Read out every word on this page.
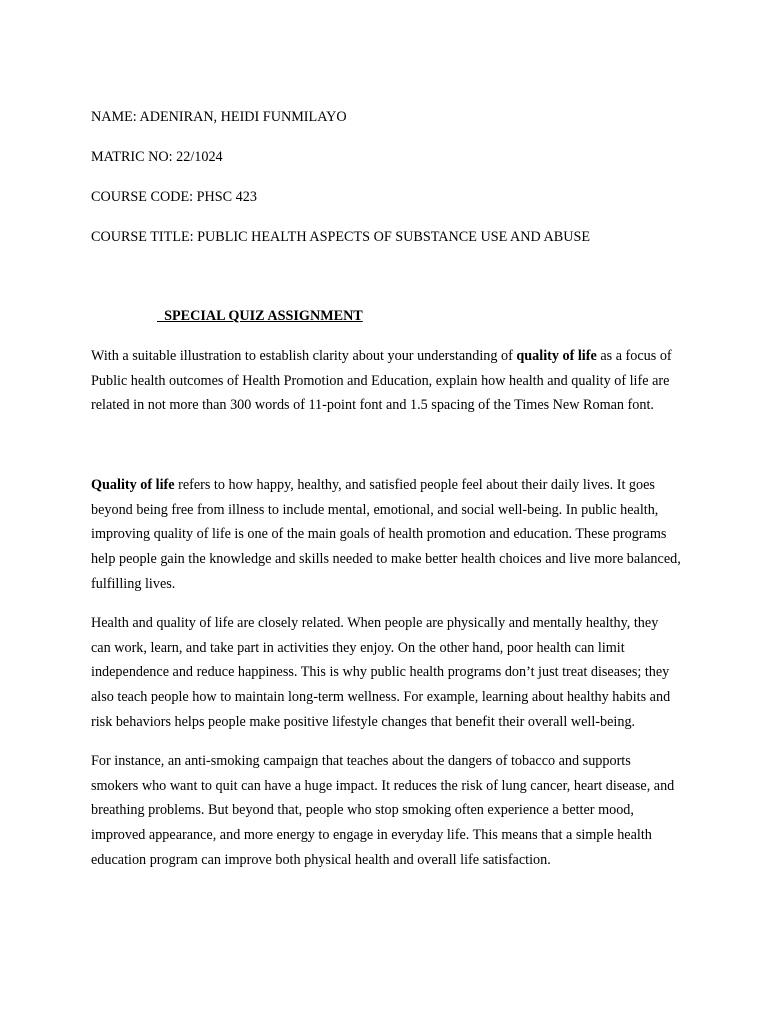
NAME: ADENIRAN, HEIDI FUNMILAYO

MATRIC NO: 22/1024

COURSE CODE: PHSC 423

COURSE TITLE: PUBLIC HEALTH ASPECTS OF SUBSTANCE USE AND ABUSE

SPECIAL QUIZ ASSIGNMENT

With a suitable illustration to establish clarity about your understanding of quality of life as a focus of Public health outcomes of Health Promotion and Education, explain how health and quality of life are related in not more than 300 words of 11-point font and 1.5 spacing of the Times New Roman font.

Quality of life refers to how happy, healthy, and satisfied people feel about their daily lives. It goes beyond being free from illness to include mental, emotional, and social well-being. In public health, improving quality of life is one of the main goals of health promotion and education. These programs help people gain the knowledge and skills needed to make better health choices and live more balanced, fulfilling lives.

Health and quality of life are closely related. When people are physically and mentally healthy, they can work, learn, and take part in activities they enjoy. On the other hand, poor health can limit independence and reduce happiness. This is why public health programs don’t just treat diseases; they also teach people how to maintain long-term wellness. For example, learning about healthy habits and risk behaviors helps people make positive lifestyle changes that benefit their overall well-being.

For instance, an anti-smoking campaign that teaches about the dangers of tobacco and supports smokers who want to quit can have a huge impact. It reduces the risk of lung cancer, heart disease, and breathing problems. But beyond that, people who stop smoking often experience a better mood, improved appearance, and more energy to engage in everyday life. This means that a simple health education program can improve both physical health and overall life satisfaction.
